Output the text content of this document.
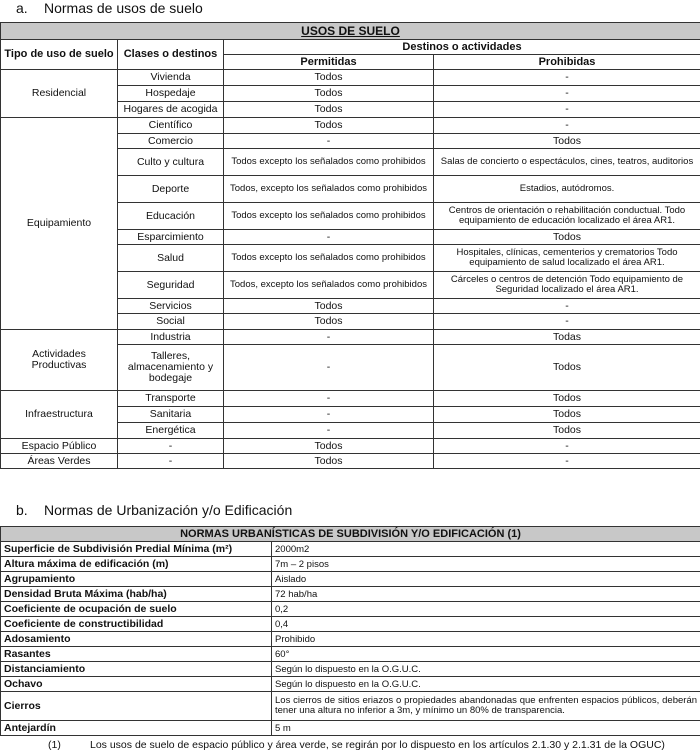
a. Normas de usos de suelo
USOS DE SUELO			
Tipo de uso de suelo	Clases o destinos	Destinos o actividades	
		Permitidas	Prohibidas
Residencial	Vivienda	Todos	-
	Hospedaje	Todos	-
	Hogares de acogida	Todos	-
Equipamiento	Científico	Todos	-
	Comercio	-	Todos
	Culto y cultura	Todos excepto los señalados como prohibidos	Salas de concierto o espectáculos, cines, teatros, auditorios
	Deporte	Todos, excepto los señalados como prohibidos	Estadios, autódromos.
	Educación	Todos excepto los señalados como prohibidos	Centros de orientación o rehabilitación conductual. Todo equipamiento de educación localizado el área AR1.
	Esparcimiento	-	Todos
	Salud	Todos excepto los señalados como prohibidos	Hospitales, clínicas, cementerios y crematorios Todo equipamiento de salud localizado el área AR1.
	Seguridad	Todos, excepto los señalados como prohibidos	Cárceles o centros de detención Todo equipamiento de Seguridad localizado el área AR1.
	Servicios	Todos	-
	Social	Todos	-
Actividades Productivas	Industria	-	Todas
	Talleres, almacenamiento y bodegaje	-	Todos
Infraestructura	Transporte	-	Todos
	Sanitaria	-	Todos
	Energética	-	Todos
Espacio Público	-	Todos	-
Áreas Verdes	-	Todos	-
b. Normas de Urbanización y/o Edificación
NORMAS URBANÍSTICAS DE SUBDIVISIÓN Y/O EDIFICACIÓN (1)	
Superficie de Subdivisión Predial Mínima (m²)	2000m2
Altura máxima de edificación (m)	7m – 2 pisos
Agrupamiento	Aislado
Densidad Bruta Máxima (hab/ha)	72 hab/ha
Coeficiente de ocupación de suelo	0,2
Coeficiente de constructibilidad	0,4
Adosamiento	Prohibido
Rasantes	60°
Distanciamiento	Según lo dispuesto en la O.G.U.C.
Ochavo	Según lo dispuesto en la O.G.U.C.
Cierros	Los cierros de sitios eriazos o propiedades abandonadas que enfrenten espacios públicos, deberán tener una altura no inferior a 3m, y mínimo un 80% de transparencia.
Antejardín	5 m
(1)	Los usos de suelo de espacio público y área verde, se regirán por lo dispuesto en los artículos 2.1.30 y 2.1.31 de la OGUC)
